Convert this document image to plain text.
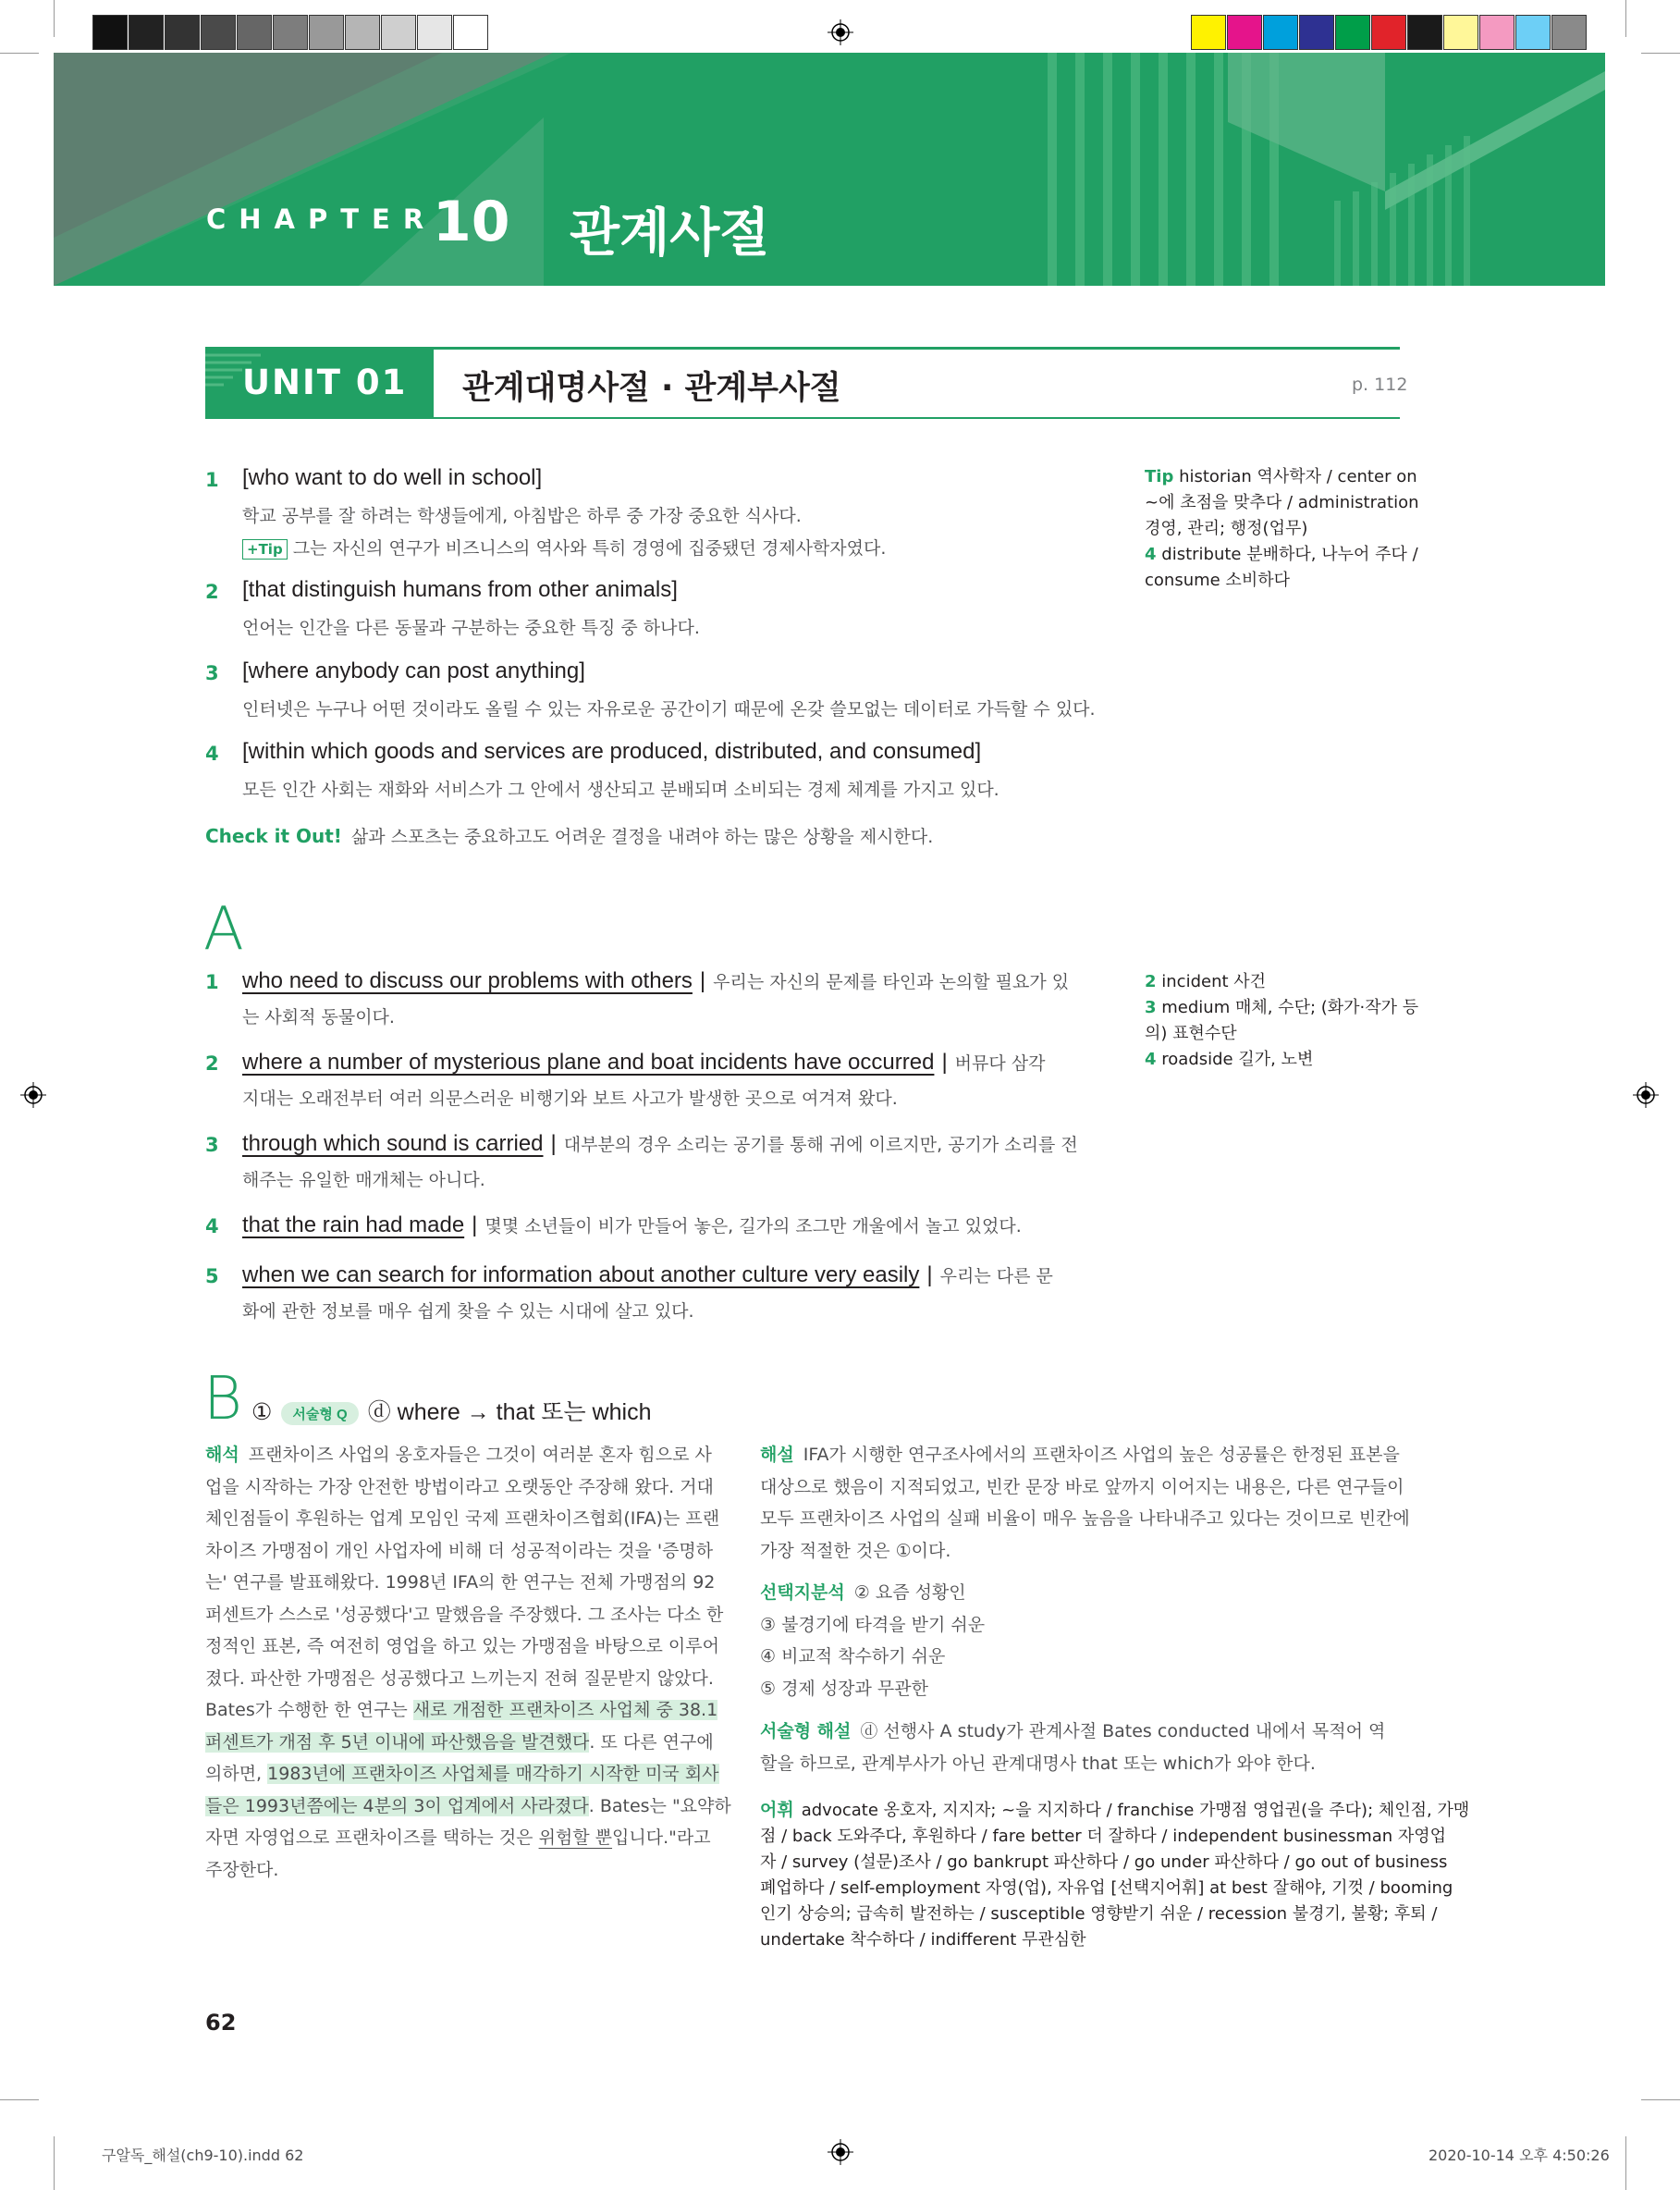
CHAPTER
10 관계사절
UNIT 01 관계대명사절 · 관계부사절	p. 112
1 [who want to do well in school]
학교 공부를 잘 하려는 학생들에게, 아침밥은 하루 중 가장 중요한 식사다.
+Tip 그는 자신의 연구가 비즈니스의 역사와 특히 경영에 집중됐던 경제사학자였다.
2 [that distinguish humans from other animals]
언어는 인간을 다른 동물과 구분하는 중요한 특징 중 하나다.
3 [where anybody can post anything]
인터넷은 누구나 어떤 것이라도 올릴 수 있는 자유로운 공간이기 때문에 온갖 쓸모없는 데이터로 가득할 수 있다.
4 [within which goods and services are produced, distributed, and consumed]
모든 인간 사회는 재화와 서비스가 그 안에서 생산되고 분배되며 소비되는 경제 체계를 가지고 있다.
Check it Out! 삶과 스포츠는 중요하고도 어려운 결정을 내려야 하는 많은 상황을 제시한다.
Tip historian 역사학자 / center on
~에 초점을 맞추다 / administration
경영, 관리; 행정(업무)
4 distribute 분배하다, 나누어 주다 /
consume 소비하다
A
1 who need to discuss our problems with others | 우리는 자신의 문제를 타인과 논의할 필요가 있
는 사회적 동물이다.
2 where a number of mysterious plane and boat incidents have occurred | 버뮤다 삼각
지대는 오래전부터 여러 의문스러운 비행기와 보트 사고가 발생한 곳으로 여겨져 왔다.
3 through which sound is carried | 대부분의 경우 소리는 공기를 통해 귀에 이르지만, 공기가 소리를 전
해주는 유일한 매개체는 아니다.
4 that the rain had made | 몇몇 소년들이 비가 만들어 놓은, 길가의 조그만 개울에서 놀고 있었다.
5 when we can search for information about another culture very easily | 우리는 다른 문
화에 관한 정보를 매우 쉽게 찾을 수 있는 시대에 살고 있다.
2 incident 사건
3 medium 매체, 수단; (화가·작가 등
의) 표현수단
4 roadside 길가, 노변
B ① 서술형 Q ⓓ where → that 또는 which
해석 프랜차이즈 사업의 옹호자들은 그것이 여러분 혼자 힘으로 사
업을 시작하는 가장 안전한 방법이라고 오랫동안 주장해 왔다. 거대
체인점들이 후원하는 업계 모임인 국제 프랜차이즈협회(IFA)는 프랜
차이즈 가맹점이 개인 사업자에 비해 더 성공적이라는 것을 '증명하
는' 연구를 발표해왔다. 1998년 IFA의 한 연구는 전체 가맹점의 92
퍼센트가 스스로 '성공했다'고 말했음을 주장했다. 그 조사는 다소 한
정적인 표본, 즉 여전히 영업을 하고 있는 가맹점을 바탕으로 이루어
졌다. 파산한 가맹점은 성공했다고 느끼는지 전혀 질문받지 않았다.
Bates가 수행한 한 연구는 새로 개점한 프랜차이즈 사업체 중 38.1
퍼센트가 개점 후 5년 이내에 파산했음을 발견했다. 또 다른 연구에
의하면, 1983년에 프랜차이즈 사업체를 매각하기 시작한 미국 회사
들은 1993년쯤에는 4분의 3이 업계에서 사라졌다. Bates는 "요약하
자면 자영업으로 프랜차이즈를 택하는 것은 위험할 뿐입니다."라고
주장한다.
해설 IFA가 시행한 연구조사에서의 프랜차이즈 사업의 높은 성공률은 한정된 표본을
대상으로 했음이 지적되었고, 빈칸 문장 바로 앞까지 이어지는 내용은, 다른 연구들이
모두 프랜차이즈 사업의 실패 비율이 매우 높음을 나타내주고 있다는 것이므로 빈칸에
가장 적절한 것은 ①이다.
선택지분석 ② 요즘 성황인
③ 불경기에 타격을 받기 쉬운
④ 비교적 착수하기 쉬운
⑤ 경제 성장과 무관한
서술형 해설 ⓓ 선행사 A study가 관계사절 Bates conducted 내에서 목적어 역
할을 하므로, 관계부사가 아닌 관계대명사 that 또는 which가 와야 한다.
어휘 advocate 옹호자, 지지자; ~을 지지하다 / franchise 가맹점 영업권(을 주다); 체인점, 가맹
점 / back 도와주다, 후원하다 / fare better 더 잘하다 / independent businessman 자영업
자 / survey (설문)조사 / go bankrupt 파산하다 / go under 파산하다 / go out of business
폐업하다 / self-employment 자영(업), 자유업 [선택지어휘] at best 잘해야, 기껏 / booming
인기 상승의; 급속히 발전하는 / susceptible 영향받기 쉬운 / recession 불경기, 불황; 후퇴 /
undertake 착수하다 / indifferent 무관심한
62
구알독_해설(ch9-10).indd 62	2020-10-14 오후 4:50:26
